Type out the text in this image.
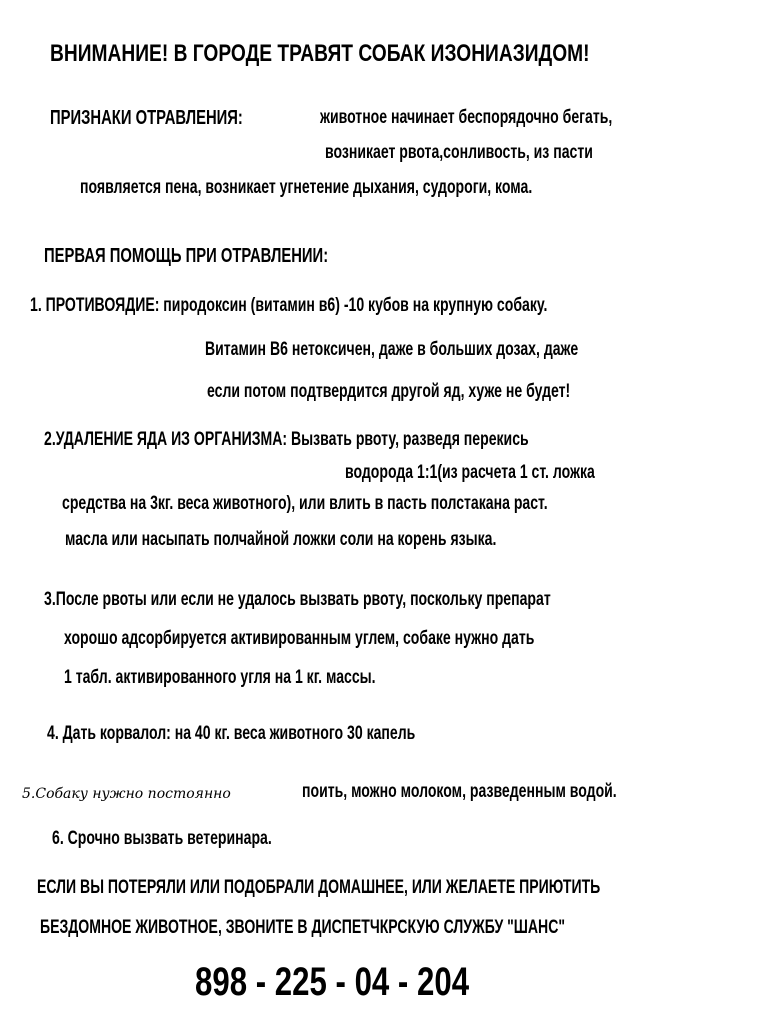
ВНИМАНИЕ! В ГОРОДЕ ТРАВЯТ СОБАК ИЗОНИАЗИДОМ!
ПРИЗНАКИ ОТРАВЛЕНИЯ:	животное начинает беспорядочно бегать,
возникает рвота,сонливость, из пасти
появляется пена, возникает угнетение дыхания, судороги, кома.
ПЕРВАЯ ПОМОЩЬ ПРИ ОТРАВЛЕНИИ:
1. ПРОТИВОЯДИЕ: пиродоксин (витамин в6) -10 кубов на крупную собаку.
Витамин В6 нетоксичен, даже в больших дозах, даже
если потом подтвердится другой яд, хуже не будет!
2.УДАЛЕНИЕ ЯДА ИЗ ОРГАНИЗМА: Вызвать рвоту, разведя перекись
водорода 1:1(из расчета 1 ст. ложка
средства на 3кг. веса животного), или влить в пасть полстакана раст.
масла или насыпать полчайной ложки соли на корень языка.
3.После рвоты или если не удалось вызвать рвоту, поскольку препарат
хорошо адсорбируется активированным углем, собаке нужно дать
1 табл. активированного угля на 1 кг. массы.
4. Дать корвалол: на 40 кг. веса животного 30 капель
5.Собаку нужно постоянно	поить, можно молоком, разведенным водой.
6. Срочно вызвать ветеринара.
ЕСЛИ ВЫ ПОТЕРЯЛИ ИЛИ ПОДОБРАЛИ ДОМАШНЕЕ, ИЛИ ЖЕЛАЕТЕ ПРИЮТИТЬ
БЕЗДОМНОЕ ЖИВОТНОЕ, ЗВОНИТЕ В ДИСПЕТЧКРСКУЮ СЛУЖБУ "ШАНС"
898 - 225 - 04 - 204
